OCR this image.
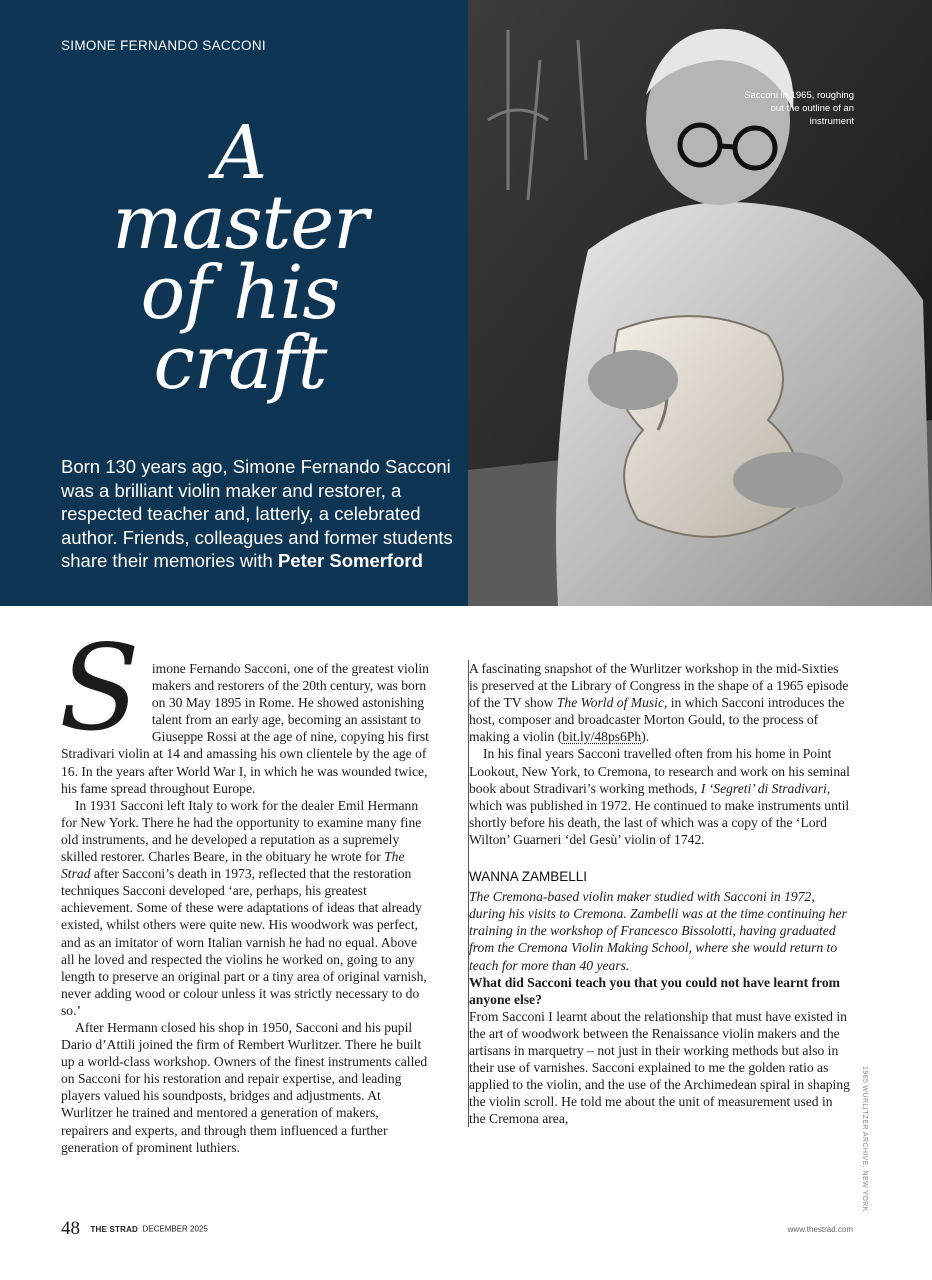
SIMONE FERNANDO SACCONI
A
master
of his
craft

Born 130 years ago, Simone Fernando Sacconi was a brilliant violin maker and restorer, a respected teacher and, latterly, a celebrated author. Friends, colleagues and former students share their memories with Peter Somerford

Sacconi in 1965, roughing out the outline of an instrument

Simone Fernando Sacconi, one of the greatest violin makers and restorers of the 20th century, was born on 30 May 1895 in Rome. He showed astonishing talent from an early age, becoming an assistant to Giuseppe Rossi at the age of nine, copying his first Stradivari violin at 14 and amassing his own clientele by the age of 16. In the years after World War I, in which he was wounded twice, his fame spread throughout Europe.

In 1931 Sacconi left Italy to work for the dealer Emil Hermann for New York. There he had the opportunity to examine many fine old instruments, and he developed a reputation as a supremely skilled restorer. Charles Beare, in the obituary he wrote for The Strad after Sacconi’s death in 1973, reflected that the restoration techniques Sacconi developed ‘are, perhaps, his greatest achievement. Some of these were adaptations of ideas that already existed, whilst others were quite new. His woodwork was perfect, and as an imitator of worn Italian varnish he had no equal. Above all he loved and respected the violins he worked on, going to any length to preserve an original part or a tiny area of original varnish, never adding wood or colour unless it was strictly necessary to do so.’

After Hermann closed his shop in 1950, Sacconi and his pupil Dario d’Attili joined the firm of Rembert Wurlitzer. There he built up a world-class workshop. Owners of the finest instruments called on Sacconi for his restoration and repair expertise, and leading players valued his soundposts, bridges and adjustments. At Wurlitzer he trained and mentored a generation of makers, repairers and experts, and through them influenced a further generation of prominent luthiers.

A fascinating snapshot of the Wurlitzer workshop in the mid-Sixties is preserved at the Library of Congress in the shape of a 1965 episode of the TV show The World of Music, in which Sacconi introduces the host, composer and broadcaster Morton Gould, to the process of making a violin (bit.ly/48ps6Ph).

In his final years Sacconi travelled often from his home in Point Lookout, New York, to Cremona, to research and work on his seminal book about Stradivari’s working methods, I ‘Segreti’ di Stradivari, which was published in 1972. He continued to make instruments until shortly before his death, the last of which was a copy of the ‘Lord Wilton’ Guarneri ‘del Gesù’ violin of 1742.

WANNA ZAMBELLI

The Cremona-based violin maker studied with Sacconi in 1972, during his visits to Cremona. Zambelli was at the time continuing her training in the workshop of Francesco Bissolotti, having graduated from the Cremona Violin Making School, where she would return to teach for more than 40 years.

What did Sacconi teach you that you could not have learnt from anyone else?

From Sacconi I learnt about the relationship that must have existed in the art of woodwork between the Renaissance violin makers and the artisans in marquetry – not just in their working methods but also in their use of varnishes. Sacconi explained to me the golden ratio as applied to the violin, and the use of the Archimedean spiral in shaping the violin scroll. He told me about the unit of measurement used in the Cremona area,	1965 WURLITZER ARCHIVE, NEW YORK
48 THE STRAD DECEMBER 2025	www.thestrad.com
